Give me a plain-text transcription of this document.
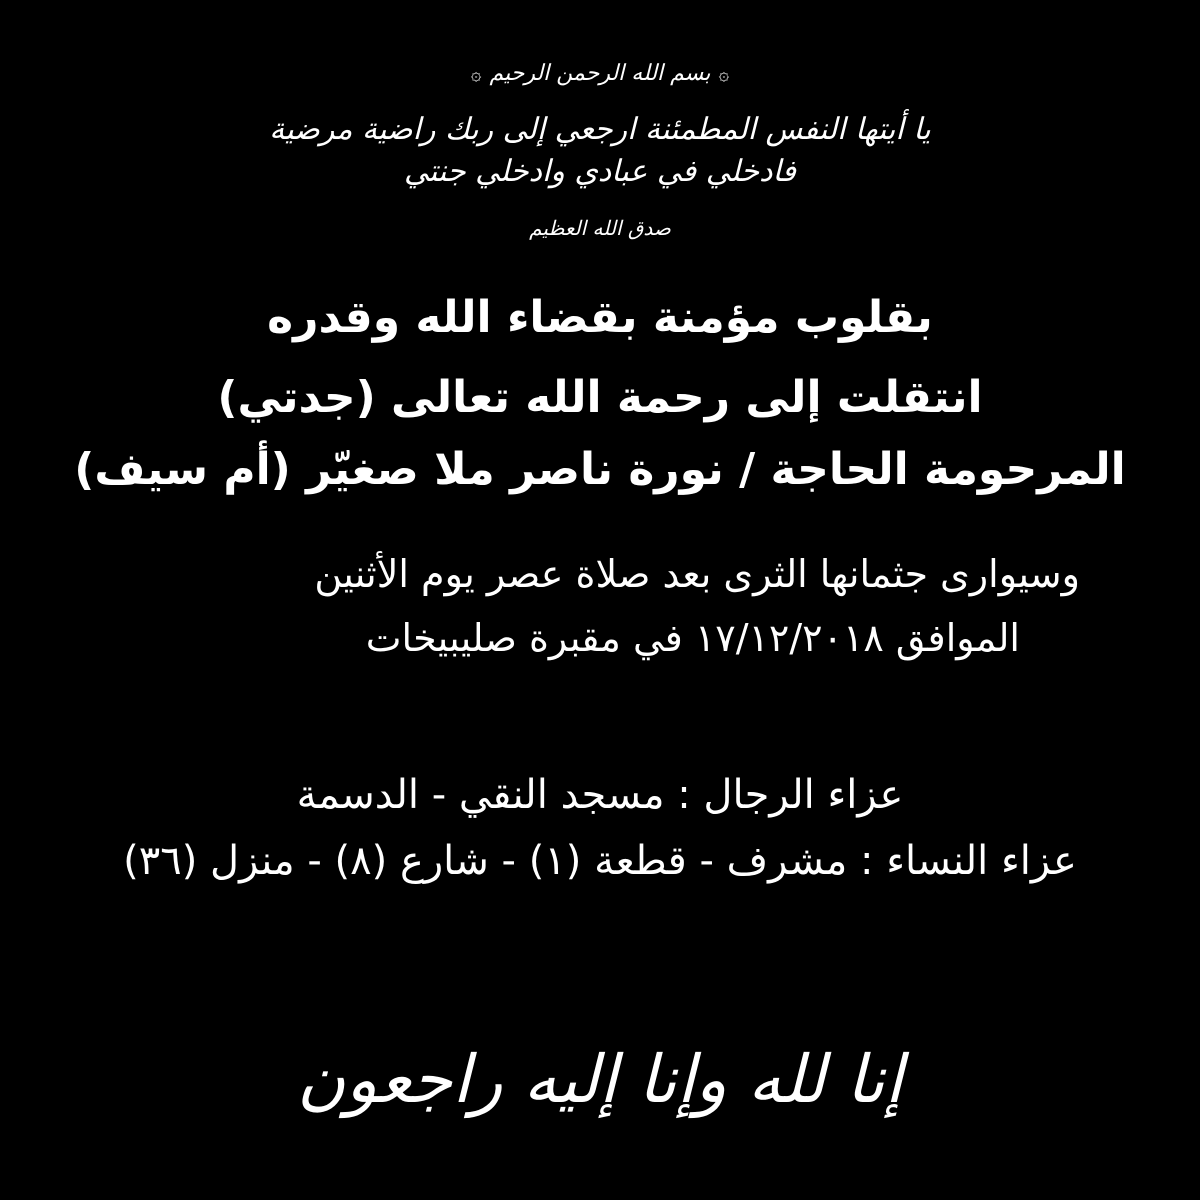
۞بسم الله الرحمن الرحيم۞
يا أيتها النفس المطمئنة ارجعي إلى ربك راضية مرضية
فادخلي في عبادي وادخلي جنتي
صدق الله العظيم
بقلوب مؤمنة بقضاء الله وقدره
انتقلت إلى رحمة الله تعالى (جدتي)
المرحومة الحاجة / نورة ناصر ملا صغيّر (أم سيف)
وسيوارى جثمانها الثرى بعد صلاة عصر يوم الأثنين
الموافق ١٧/١٢/٢٠١٨ في مقبرة صليبيخات
عزاء الرجال : مسجد النقي - الدسمة
عزاء النساء : مشرف - قطعة (١) - شارع (٨) - منزل (٣٦)
إنا لله وإنا إليه راجعون
